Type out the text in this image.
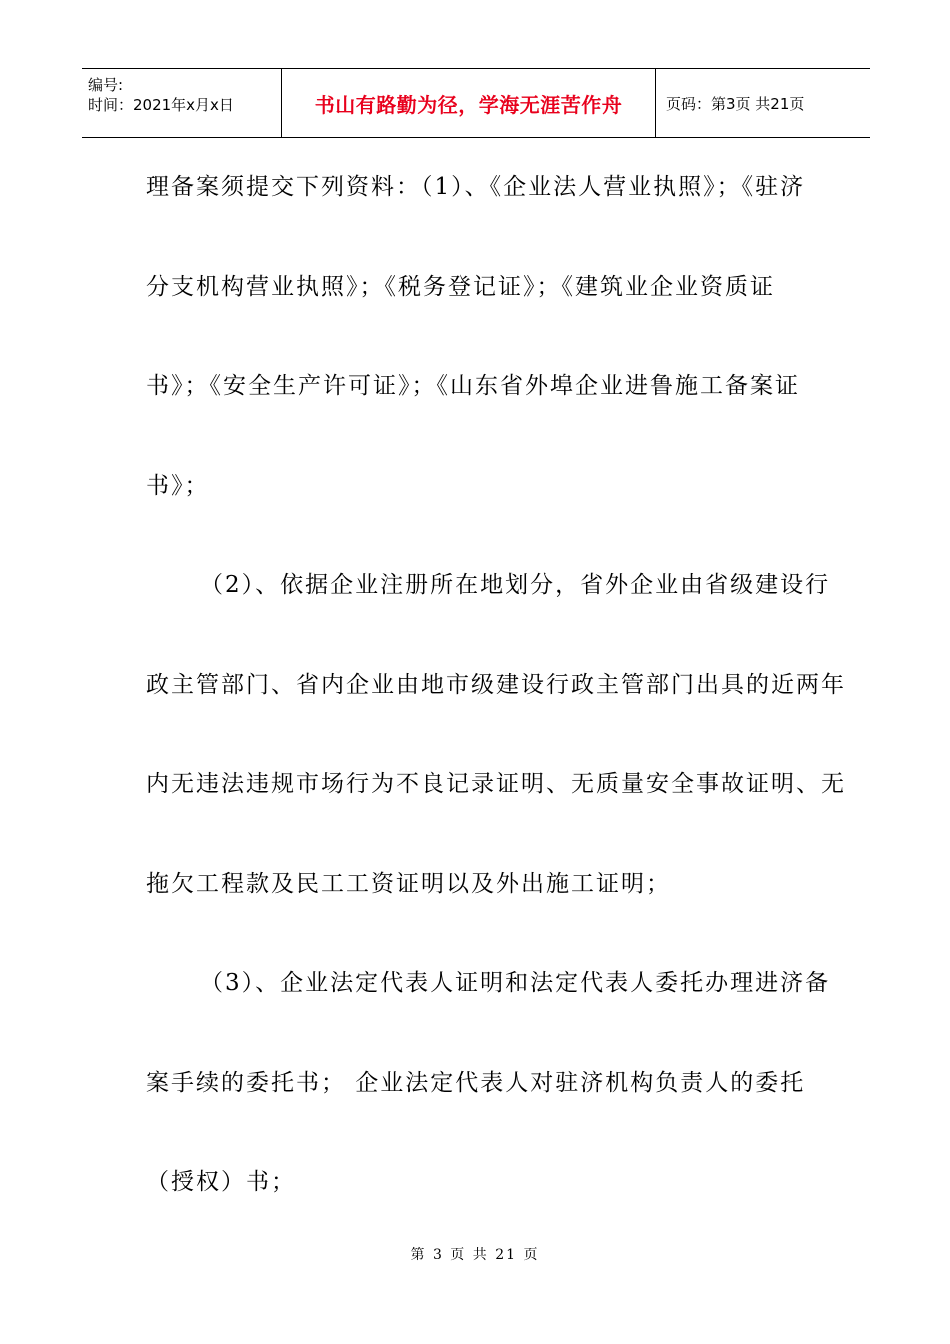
编号:
时间：2021年x月x日	书山有路勤为径，学海无涯苦作舟	页码：第3页 共21页
理备案须提交下列资料：（1）、《企业法人营业执照》；《驻济
分支机构营业执照》；《税务登记证》；《建筑业企业资质证
书》；《安全生产许可证》；《山东省外埠企业进鲁施工备案证
书》；
（2）、依据企业注册所在地划分，省外企业由省级建设行
政主管部门、省内企业由地市级建设行政主管部门出具的近两年
内无违法违规市场行为不良记录证明、无质量安全事故证明、无
拖欠工程款及民工工资证明以及外出施工证明；
（3）、企业法定代表人证明和法定代表人委托办理进济备
案手续的委托书； 企业法定代表人对驻济机构负责人的委托
（授权）书；
第 3 页 共 21 页
